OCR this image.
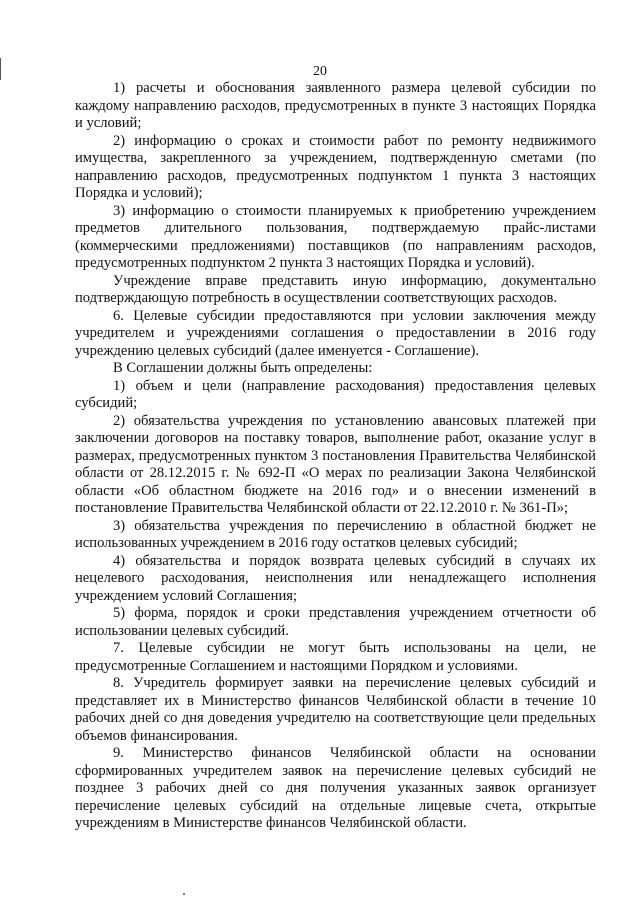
20

1) расчеты и обоснования заявленного размера целевой субсидии по каждому направлению расходов, предусмотренных в пункте 3 настоящих Порядка и условий;

2) информацию о сроках и стоимости работ по ремонту недвижимого имущества, закрепленного за учреждением, подтвержденную сметами (по направлению расходов, предусмотренных подпунктом 1 пункта 3 настоящих Порядка и условий);

3) информацию о стоимости планируемых к приобретению учреждением предметов длительного пользования, подтверждаемую прайс-листами (коммерческими предложениями) поставщиков (по направлениям расходов, предусмотренных подпунктом 2 пункта 3 настоящих Порядка и условий).

Учреждение вправе представить иную информацию, документально подтверждающую потребность в осуществлении соответствующих расходов.

6. Целевые субсидии предоставляются при условии заключения между учредителем и учреждениями соглашения о предоставлении в 2016 году учреждению целевых субсидий (далее именуется - Соглашение).

В Соглашении должны быть определены:

1) объем и цели (направление расходования) предоставления целевых субсидий;

2) обязательства учреждения по установлению авансовых платежей при заключении договоров на поставку товаров, выполнение работ, оказание услуг в размерах, предусмотренных пунктом 3 постановления Правительства Челябинской области от 28.12.2015 г. № 692-П «О мерах по реализации Закона Челябинской области «Об областном бюджете на 2016 год» и о внесении изменений в постановление Правительства Челябинской области от 22.12.2010 г. № 361-П»;

3) обязательства учреждения по перечислению в областной бюджет не использованных учреждением в 2016 году остатков целевых субсидий;

4) обязательства и порядок возврата целевых субсидий в случаях их нецелевого расходования, неисполнения или ненадлежащего исполнения учреждением условий Соглашения;

5) форма, порядок и сроки представления учреждением отчетности об использовании целевых субсидий.

7. Целевые субсидии не могут быть использованы на цели, не предусмотренные Соглашением и настоящими Порядком и условиями.

8. Учредитель формирует заявки на перечисление целевых субсидий и представляет их в Министерство финансов Челябинской области в течение 10 рабочих дней со дня доведения учредителю на соответствующие цели предельных объемов финансирования.

9. Министерство финансов Челябинской области на основании сформированных учредителем заявок на перечисление целевых субсидий не позднее 3 рабочих дней со дня получения указанных заявок организует перечисление целевых субсидий на отдельные лицевые счета, открытые учреждениям в Министерстве финансов Челябинской области.
